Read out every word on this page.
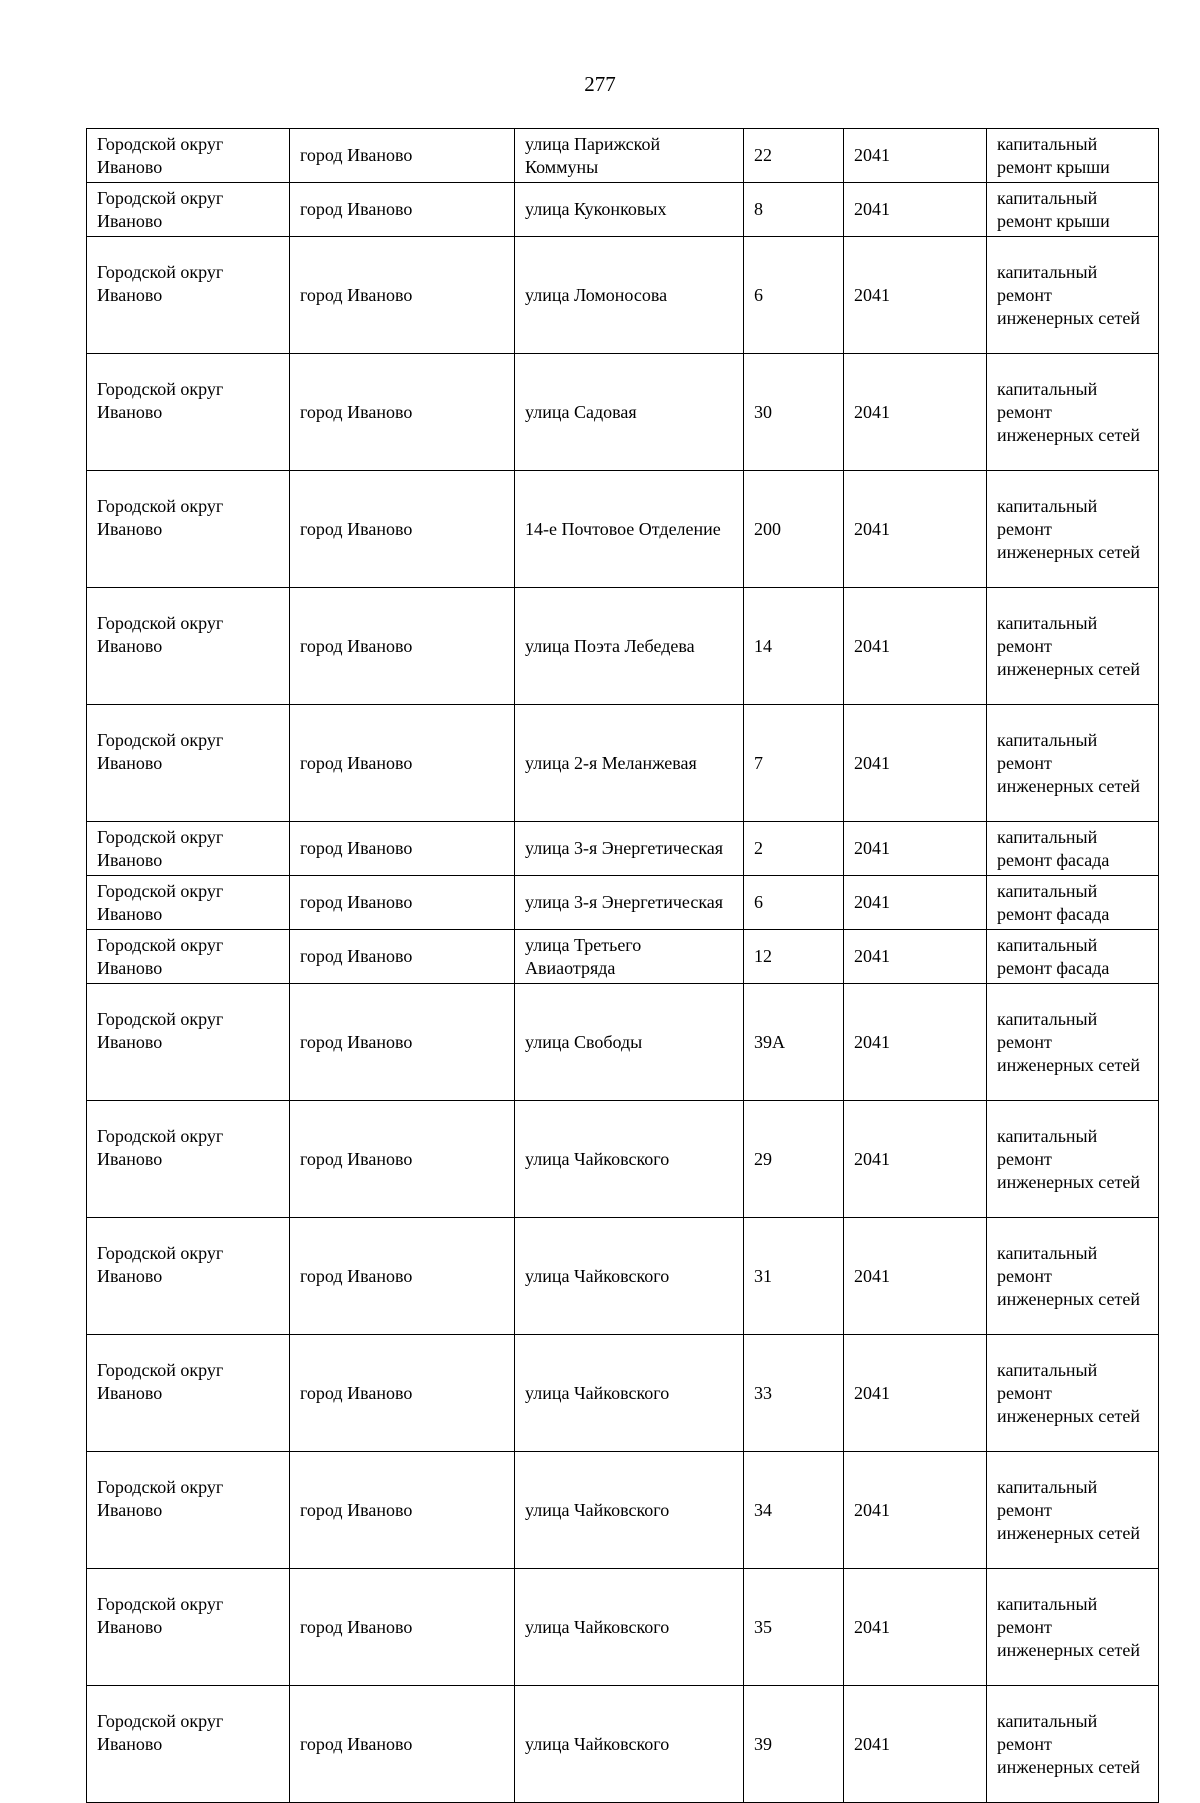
277
Городской округ Иваново	город Иваново	улица Парижской Коммуны	22	2041	капитальный ремонт крыши
Городской округ Иваново	город Иваново	улица Куконковых	8	2041	капитальный ремонт крыши
Городской округ Иваново	город Иваново	улица Ломоносова	6	2041	капитальный ремонт инженерных сетей
Городской округ Иваново	город Иваново	улица Садовая	30	2041	капитальный ремонт инженерных сетей
Городской округ Иваново	город Иваново	14-е Почтовое Отделение	200	2041	капитальный ремонт инженерных сетей
Городской округ Иваново	город Иваново	улица Поэта Лебедева	14	2041	капитальный ремонт инженерных сетей
Городской округ Иваново	город Иваново	улица 2-я Меланжевая	7	2041	капитальный ремонт инженерных сетей
Городской округ Иваново	город Иваново	улица 3-я Энергетическая	2	2041	капитальный ремонт фасада
Городской округ Иваново	город Иваново	улица 3-я Энергетическая	6	2041	капитальный ремонт фасада
Городской округ Иваново	город Иваново	улица Третьего Авиаотряда	12	2041	капитальный ремонт фасада
Городской округ Иваново	город Иваново	улица Свободы	39А	2041	капитальный ремонт инженерных сетей
Городской округ Иваново	город Иваново	улица Чайковского	29	2041	капитальный ремонт инженерных сетей
Городской округ Иваново	город Иваново	улица Чайковского	31	2041	капитальный ремонт инженерных сетей
Городской округ Иваново	город Иваново	улица Чайковского	33	2041	капитальный ремонт инженерных сетей
Городской округ Иваново	город Иваново	улица Чайковского	34	2041	капитальный ремонт инженерных сетей
Городской округ Иваново	город Иваново	улица Чайковского	35	2041	капитальный ремонт инженерных сетей
Городской округ Иваново	город Иваново	улица Чайковского	39	2041	капитальный ремонт инженерных сетей
